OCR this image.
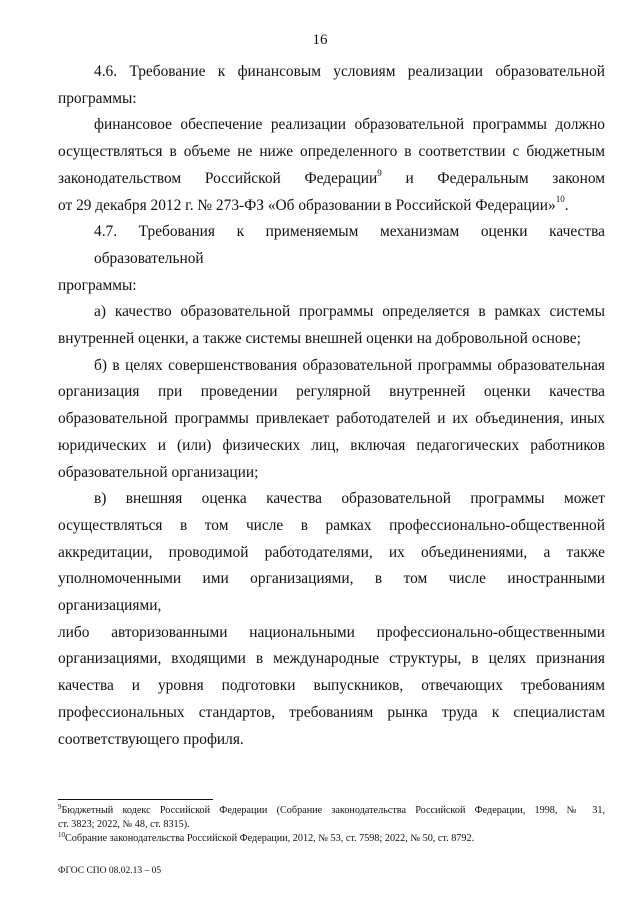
16

4.6. Требование к финансовым условиям реализации образовательной

программы:

финансовое обеспечение реализации образовательной программы должно

осуществляться в объеме не ниже определенного в соответствии с бюджетным

законодательством Российской Федерации$^9$ и Федеральным законом

от 29 декабря 2012 г. № 273-ФЗ «Об образовании в Российской Федерации»$^{10}$.

4.7. Требования к применяемым механизмам оценки качества образовательной

программы:

а) качество образовательной программы определяется в рамках системы

внутренней оценки, а также системы внешней оценки на добровольной основе;

б) в целях совершенствования образовательной программы образовательная

организация при проведении регулярной внутренней оценки качества

образовательной программы привлекает работодателей и их объединения, иных

юридических и (или) физических лиц, включая педагогических работников

образовательной организации;

в) внешняя оценка качества образовательной программы может

осуществляться в том числе в рамках профессионально-общественной

аккредитации, проводимой работодателями, их объединениями, а также

уполномоченными ими организациями, в том числе иностранными организациями,

либо авторизованными национальными профессионально-общественными

организациями, входящими в международные структуры, в целях признания

качества и уровня подготовки выпускников, отвечающих требованиям

профессиональных стандартов, требованиям рынка труда к специалистам

соответствующего профиля.

$^9$Бюджетный кодекс Российской Федерации (Собрание законодательства Российской Федерации, 1998, № 31,

ст. 3823; 2022, № 48, ст. 8315).

$^{10}$Собрание законодательства Российской Федерации, 2012, № 53, ст. 7598; 2022, № 50, ст. 8792.

ФГОС СПО 08.02.13 – 05
